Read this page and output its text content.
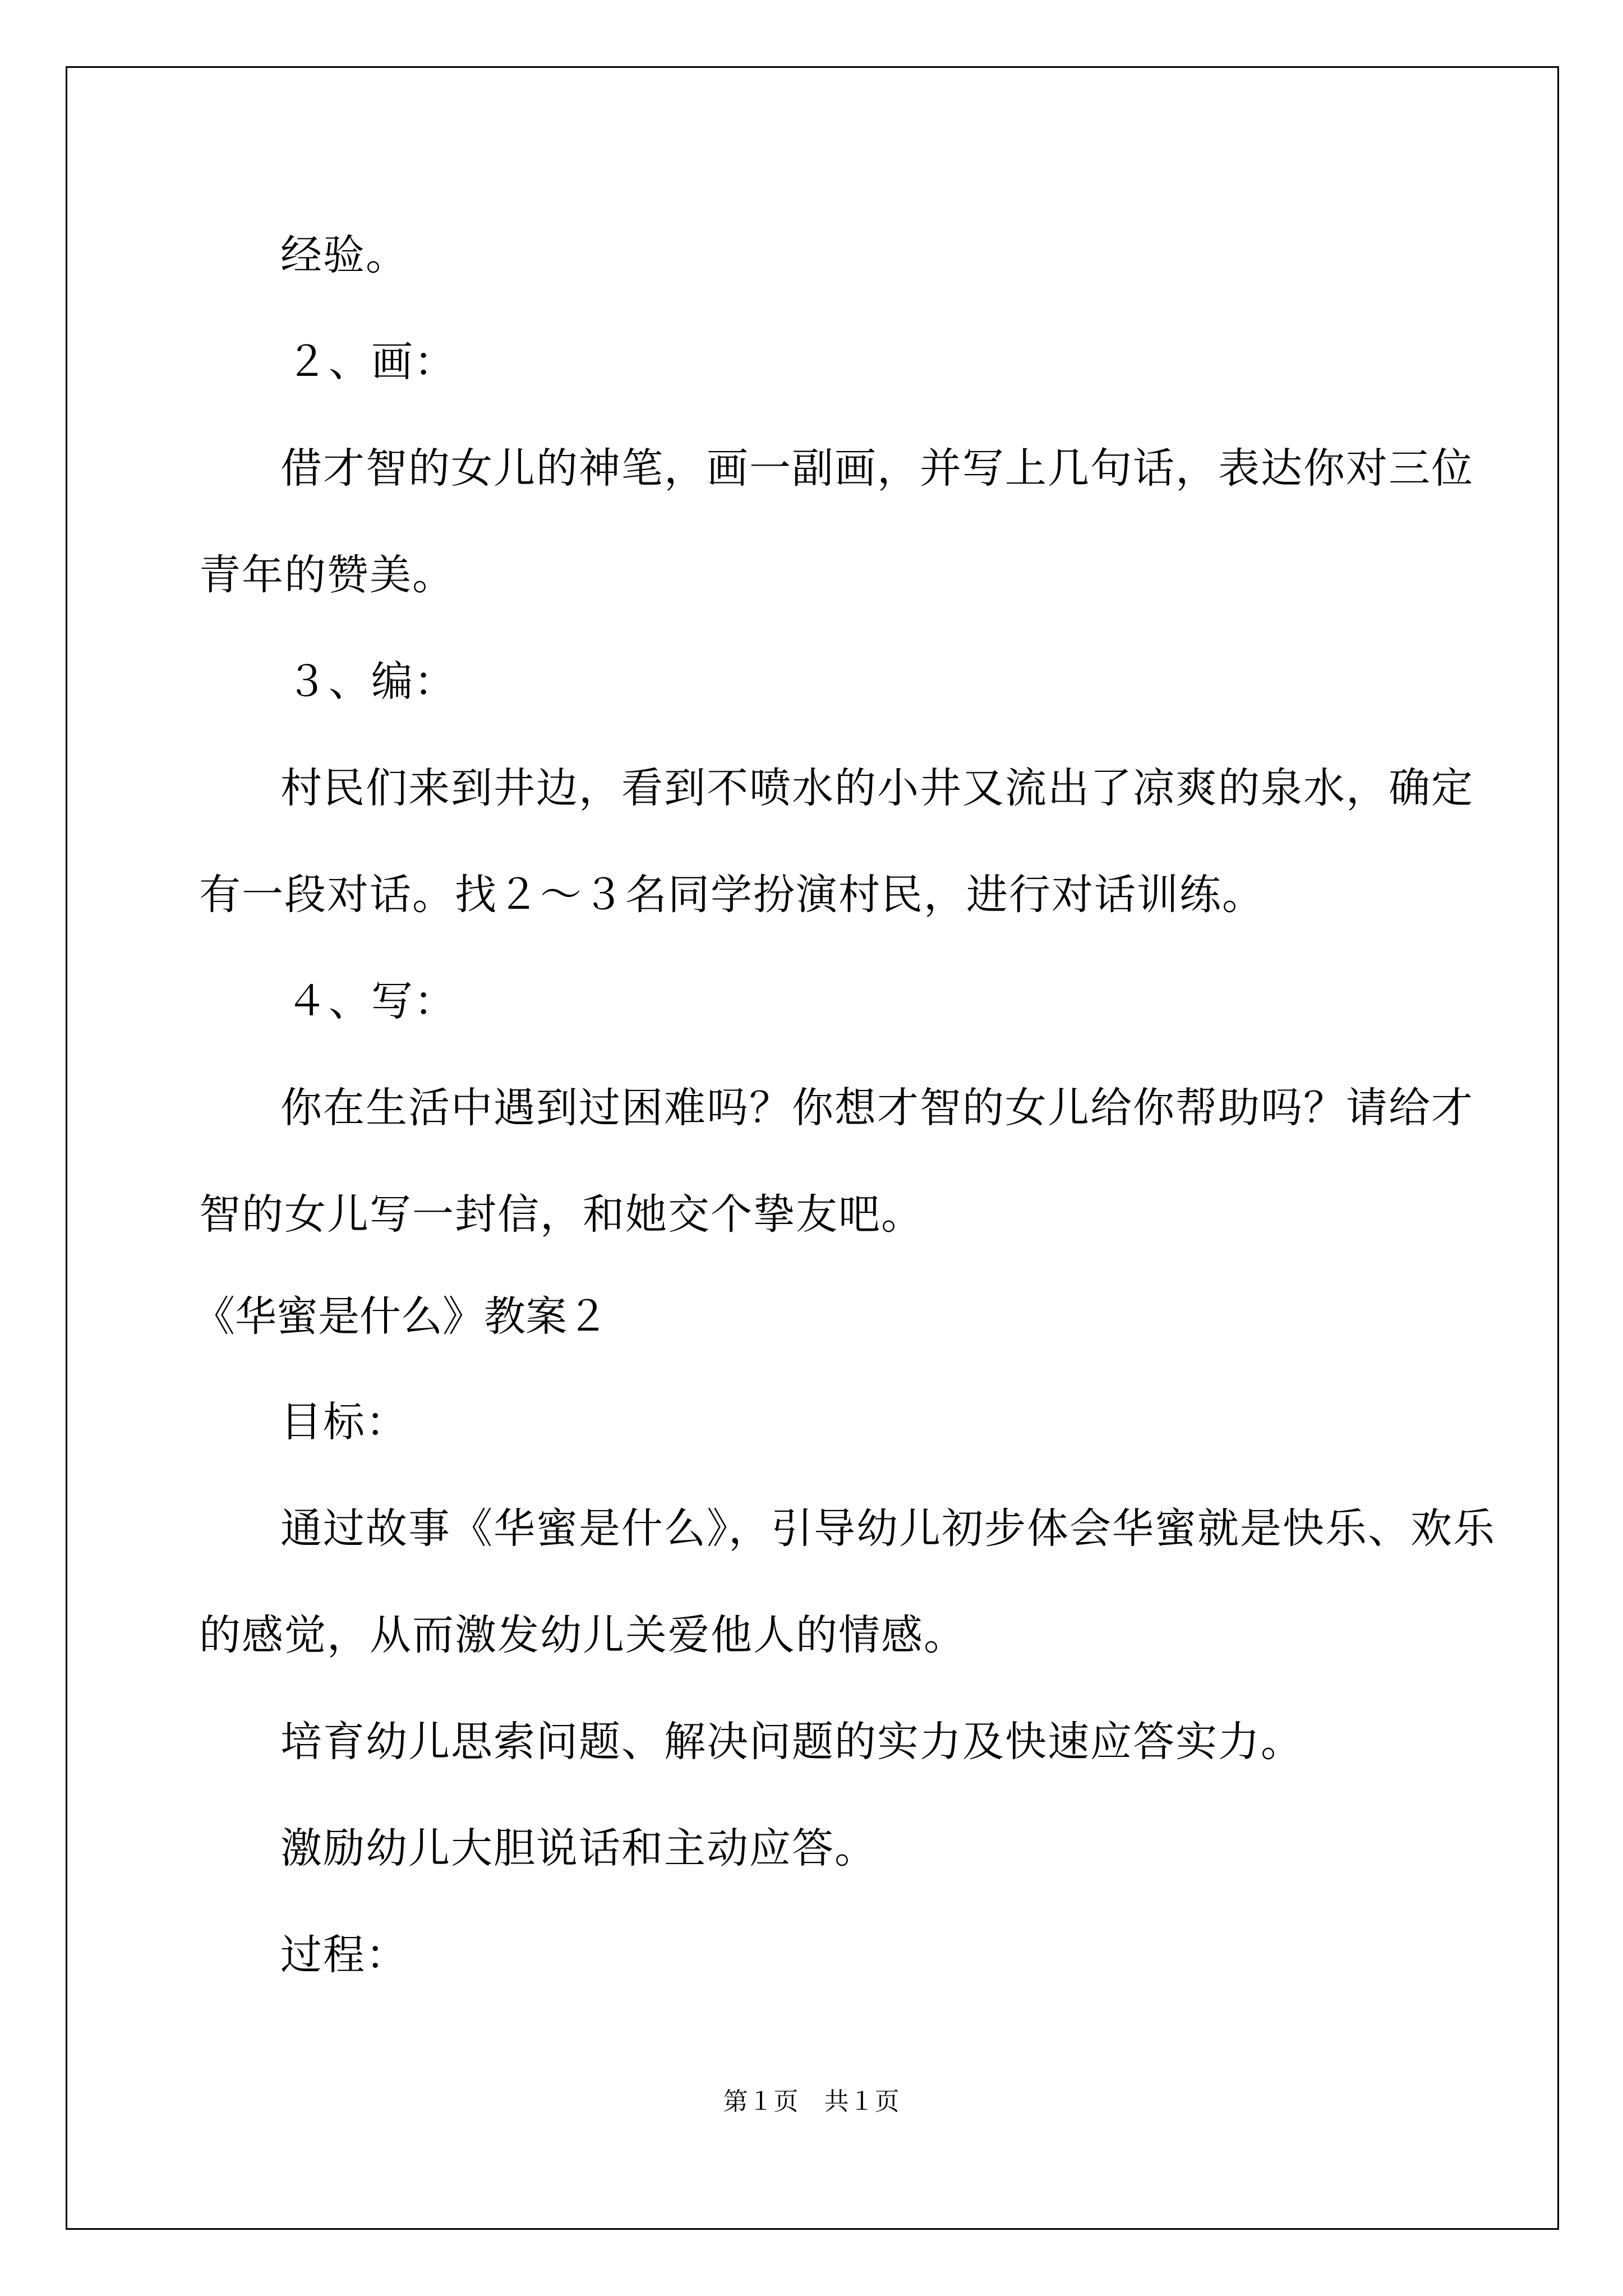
经验。
２、画：
借才智的女儿的神笔，画一副画，并写上几句话，表达你对三位
青年的赞美。
３、编：
村民们来到井边，看到不喷水的小井又流出了凉爽的泉水，确定
有一段对话。找２～３名同学扮演村民，进行对话训练。
４、写：
你在生活中遇到过困难吗？你想才智的女儿给你帮助吗？请给才
智的女儿写一封信，和她交个挚友吧。
《华蜜是什么》教案２
目标：
通过故事《华蜜是什么》，引导幼儿初步体会华蜜就是快乐、欢乐
的感觉，从而激发幼儿关爱他人的情感。
培育幼儿思索问题、解决问题的实力及快速应答实力。
激励幼儿大胆说话和主动应答。
过程：
第１页　共１页
